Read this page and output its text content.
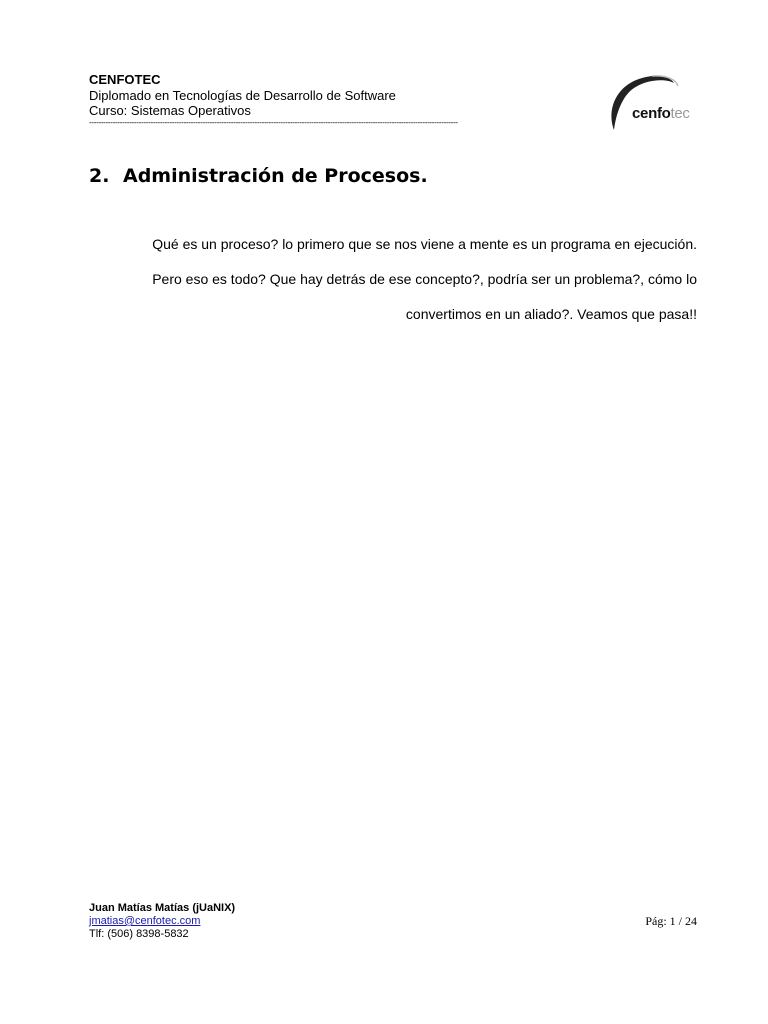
CENFOTEC
Diplomado en Tecnologías de Desarrollo de Software
Curso: Sistemas Operativos
------------------------------------------------------------------------------------------------------------------------------------------------------------
cenfotec
2. Administración de Procesos.
Qué es un proceso? lo primero que se nos viene a mente es un programa en ejecución.
Pero eso es todo? Que hay detrás de ese concepto?, podría ser un problema?, cómo lo
convertimos en un aliado?. Veamos que pasa!!
Juan Matías Matías (jUaNIX)
jmatias@cenfotec.com
Tlf: (506) 8398-5832
Pág: 1 / 24
